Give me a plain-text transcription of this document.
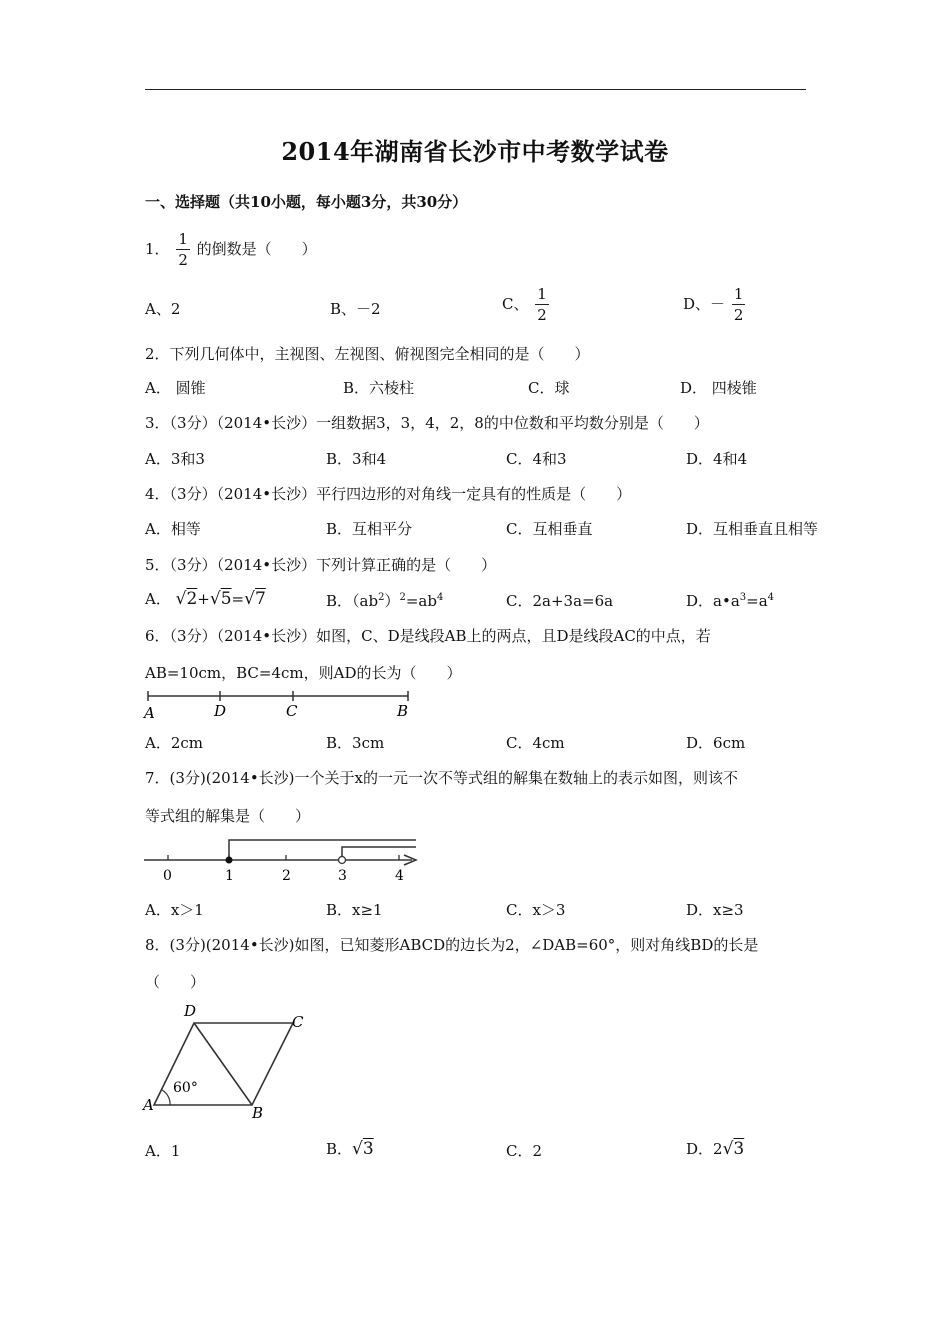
2014年湖南省长沙市中考数学试卷
一、选择题（共10小题，每小题3分，共30分）
1． $\frac{1}{2}$ 的倒数是（　　）
A、2	B、－2	C、 $\frac{1}{2}$	D、－ $\frac{1}{2}$
2．下列几何体中，主视图、左视图、俯视图完全相同的是（　　）
A． 圆锥	B．六棱柱	C．球	D． 四棱锥
3．（3分）（2014•长沙）一组数据3，3，4，2，8的中位数和平均数分别是（　　）
A．3和3	B．3和4	C．4和3	D．4和4
4．（3分）（2014•长沙）平行四边形的对角线一定具有的性质是（　　）
A．相等	B．互相平分	C．互相垂直	D．互相垂直且相等
5．（3分）（2014•长沙）下列计算正确的是（　　）
A． √2+√5=√7	B．$(ab^2)^2=ab^4$	C．2a+3a=6a	D．$a•a^3=a^4$
6．（3分）（2014•长沙）如图，C、D是线段AB上的两点，且D是线段AC的中点，若
AB=10cm，BC=4cm，则AD的长为（　　）
A	D	C	B
A．2cm	B．3cm	C．4cm	D．6cm
7．(3分)(2014•长沙)一个关于x的一元一次不等式组的解集在数轴上的表示如图，则该不
等式组的解集是（　　）
0	1	2	3	4
A．x＞1	B．x≥1	C．x＞3	D．x≥3
8．(3分)(2014•长沙)如图，已知菱形ABCD的边长为2，∠DAB=60°，则对角线BD的长是
（　　）
D
C
A	B
60°
A．1	B．√3	C．2	D．2√3
